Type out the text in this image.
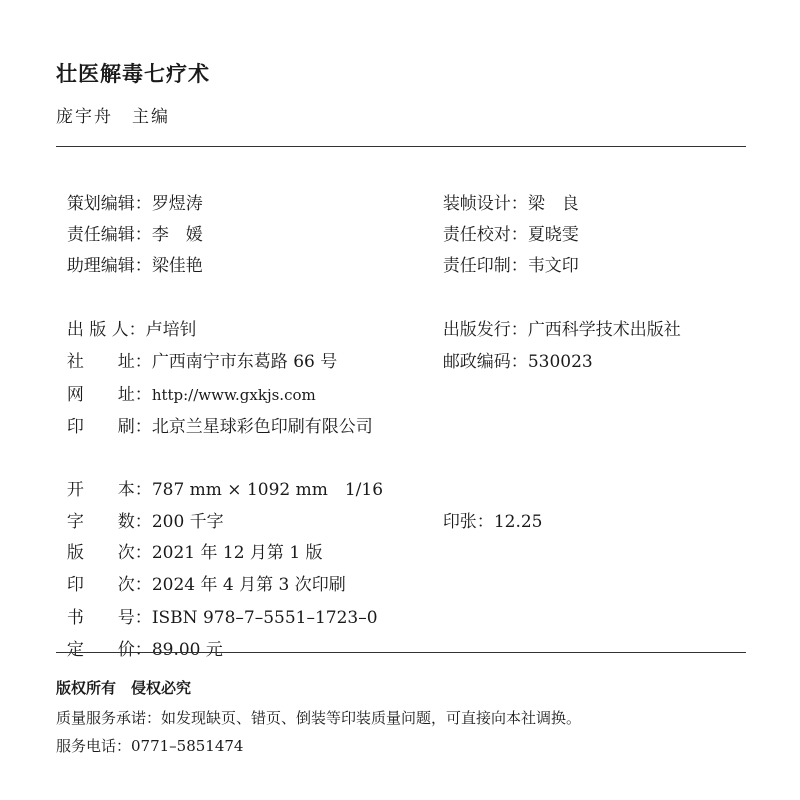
壮医解毒七疗术
庞宇舟　主编

策划编辑：罗煜涛	装帧设计：梁　良

责任编辑：李　媛	责任校对：夏晓雯

助理编辑：梁佳艳	责任印制：韦文印

出 版 人：卢培钊	出版发行：广西科学技术出版社

社　　址：广西南宁市东葛路 66 号	邮政编码：530023

网　　址：http://www.gxkjs.com

印　　刷：北京兰星球彩色印刷有限公司

开　　本：787 mm × 1092 mm　1/16

字　　数：200 千字	印张：12.25

版　　次：2021 年 12 月第 1 版

印　　次：2024 年 4 月第 3 次印刷

书　　号：ISBN 978–7–5551–1723–0

定　　价：89.00 元

版权所有　侵权必究
质量服务承诺：如发现缺页、错页、倒装等印装质量问题，可直接向本社调换。
服务电话：0771–5851474
